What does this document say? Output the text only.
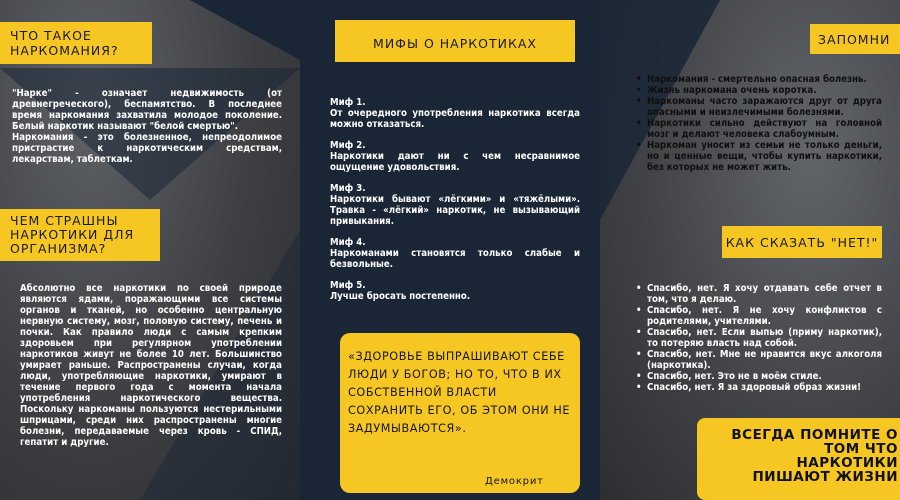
ЧТО ТАКОЕ НАРКОМАНИЯ?

"Нарке" - означает недвижимость (от древнегреческого), беспамятство. В последнее время наркомания захватила молодое поколение. Белый наркотик называют "белой смертью".

Наркомания - это болезненное, непреодолимое пристрастие к наркотическим средствам, лекарствам, таблеткам.

ЧЕМ СТРАШНЫ НАРКОТИКИ ДЛЯ ОРГАНИЗМА?
Абсолютно все наркотики по своей природе являются ядами, поражающими все системы органов и тканей, но особенно центральную нервную систему, мозг, половую систему, печень и почки. Как правило люди с самым крепким здоровьем при регулярном употреблении наркотиков живут не более 10 лет. Большинство умирает раньше. Распространены случаи, когда люди, употребляющие наркотики, умирают в течение первого года с момента начала употребления наркотического вещества. Поскольку наркоманы пользуются нестерильными шприцами, среди них распространены многие болезни, передаваемые через кровь - СПИД, гепатит и другие.
МИФЫ О НАРКОТИКАХ
Миф 1.
От очередного употребления наркотика всегда можно отказаться.
Миф 2.
Наркотики дают ни с чем несравнимое ощущение удовольствия.
Миф 3.
Наркотики бывают «лёгкими» и «тяжёлыми». Травка - «лёгкий» наркотик, не вызывающий привыкания.
Миф 4.
Наркоманами становятся только слабые и безвольные.
Миф 5.
Лучше бросать постепенно.
«ЗДОРОВЬЕ ВЫПРАШИВАЮТ СЕБЕ ЛЮДИ У БОГОВ; НО ТО, ЧТО В ИХ СОБСТВЕННОЙ ВЛАСТИ СОХРАНИТЬ ЕГО, ОБ ЭТОМ ОНИ НЕ ЗАДУМЫВАЮТСЯ».
Демокрит
ЗАПОМНИ
• Наркомания - смертельно опасная болезнь.
• Жизнь наркомана очень коротка.
• Наркоманы часто заражаются друг от друга опасными и неизлечимыми болезнями.
• Наркотики сильно действуют на головной мозг и делают человека слабоумным.
• Наркоман уносит из семьи не только деньги, но и ценные вещи, чтобы купить наркотики, без которых не может жить.
КАК СКАЗАТЬ "НЕТ!"
• Спасибо, нет. Я хочу отдавать себе отчет в том, что я делаю.
• Спасибо, нет. Я не хочу конфликтов с родителями, учителями.
• Спасибо, нет. Если выпью (приму наркотик), то потеряю власть над собой.
• Спасибо, нет. Мне не нравится вкус алкоголя (наркотика).
• Спасибо, нет. Это не в моём стиле.
• Спасибо, нет. Я за здоровый образ жизни!
ВСЕГДА ПОМНИТЕ О ТОМ ЧТО НАРКОТИКИ ПИШАЮТ ЖИЗНИ
